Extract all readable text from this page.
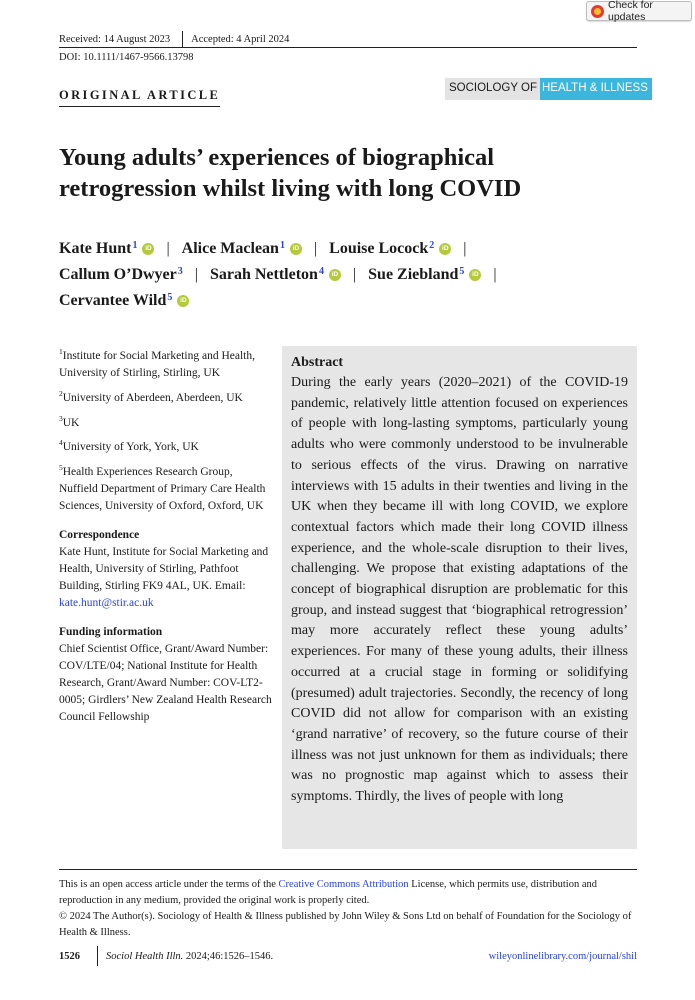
Check for updates
Received: 14 August 2023 Accepted: 4 April 2024
DOI: 10.1111/1467-9566.13798
ORIGINAL ARTICLE	SOCIOLOGY OF HEALTH & ILLNESS
Young adults’ experiences of biographical
retrogression whilst living with long COVID
Kate Hunt$^1$	iD | Alice Maclean$^1$	iD | Louise Locock$^2$	iD |
Callum O’Dwyer$^3$ | Sarah Nettleton$^4$	iD | Sue Ziebland$^5$	iD |
Cervantee Wild$^5$	iD
$^1$Institute for Social Marketing and Health, University of Stirling, Stirling, UK
$^2$University of Aberdeen, Aberdeen, UK
$^3$UK
$^4$University of York, York, UK
$^5$Health Experiences Research Group, Nuffield Department of Primary Care Health Sciences, University of Oxford, Oxford, UK
Correspondence
Kate Hunt, Institute for Social Marketing and Health, University of Stirling, Pathfoot Building, Stirling FK9 4AL, UK. Email: kate.hunt@stir.ac.uk
Funding information
Chief Scientist Office, Grant/Award Number: COV/LTE/04; National Institute for Health Research, Grant/Award Number: COV-LT2-0005; Girdlers’ New Zealand Health Research Council Fellowship
Abstract
During the early years (2020–2021) of the COVID-19 pandemic, relatively little attention focused on experiences of people with long-lasting symptoms, particularly young adults who were commonly understood to be invulnerable to serious effects of the virus. Drawing on narrative interviews with 15 adults in their twenties and living in the UK when they became ill with long COVID, we explore contextual factors which made their long COVID illness experience, and the whole-scale disruption to their lives, challenging. We propose that existing adaptations of the concept of biographical disruption are problematic for this group, and instead suggest that ‘biographical retrogression’ may more accurately reflect these young adults’ experiences. For many of these young adults, their illness occurred at a crucial stage in forming or solidifying (presumed) adult trajectories. Secondly, the recency of long COVID did not allow for comparison with an existing ‘grand narrative’ of recovery, so the future course of their illness was not just unknown for them as individuals; there was no prognostic map against which to assess their symptoms. Thirdly, the lives of people with long
This is an open access article under the terms of the Creative Commons Attribution License, which permits use, distribution and reproduction in any medium, provided the original work is properly cited.
© 2024 The Author(s). Sociology of Health & Illness published by John Wiley & Sons Ltd on behalf of Foundation for the Sociology of Health & Illness.
1526	Sociol Health Illn. 2024;46:1526–1546.	wileyonlinelibrary.com/journal/shil
